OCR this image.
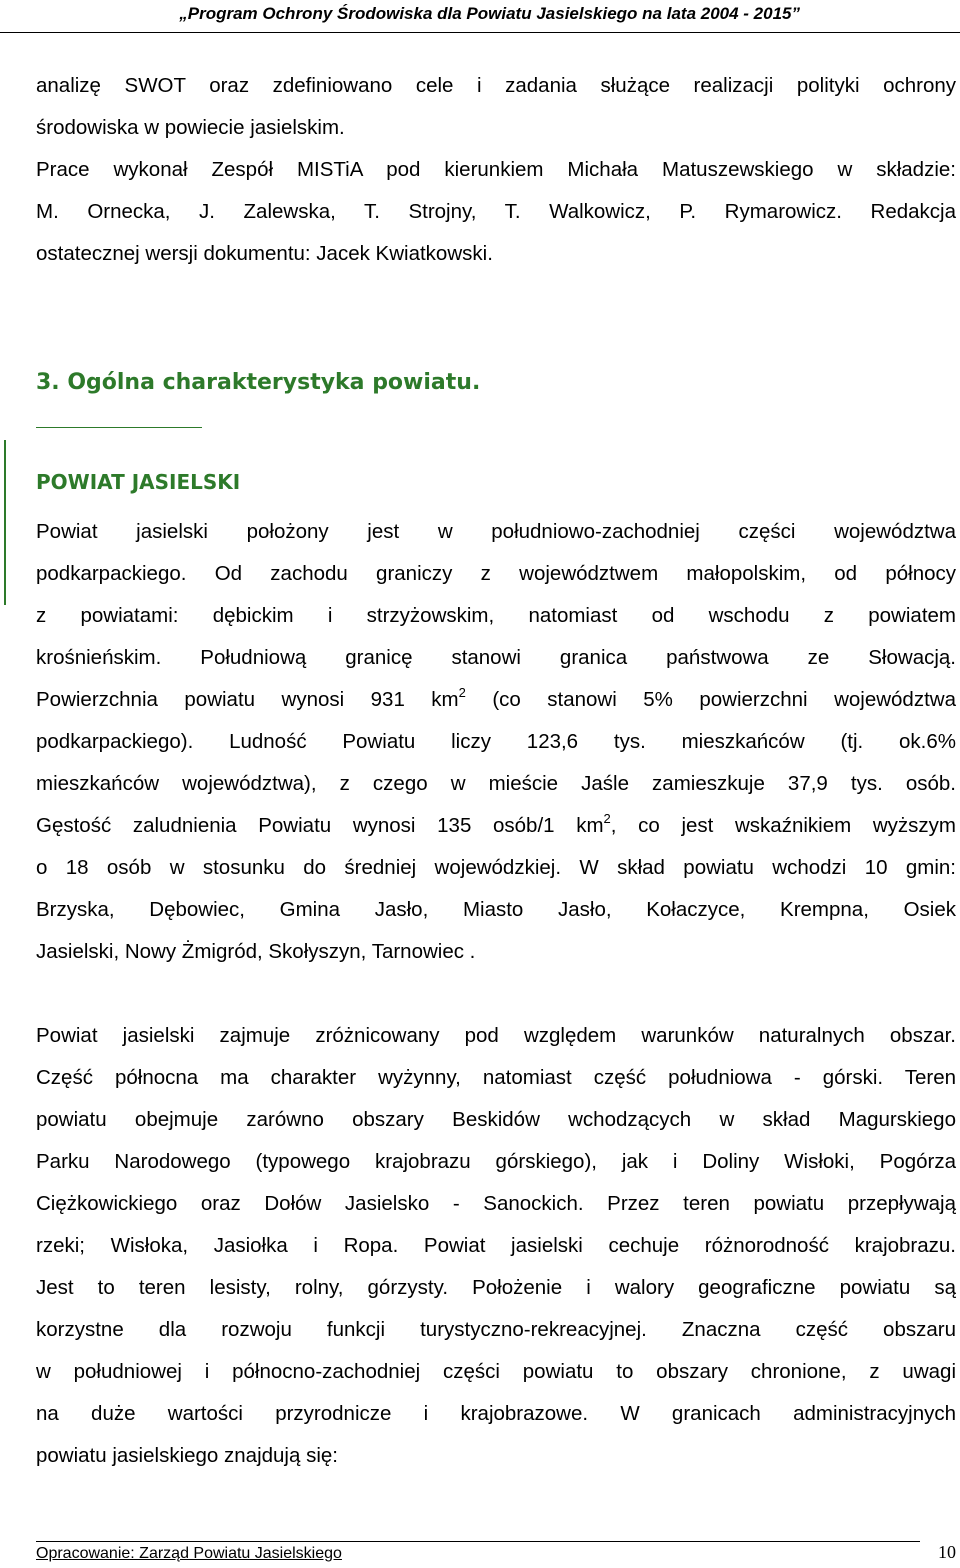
„Program Ochrony Środowiska dla Powiatu Jasielskiego na lata 2004 - 2015”
analizę SWOT oraz zdefiniowano cele i zadania służące realizacji polityki ochrony
środowiska w powiecie jasielskim.
Prace wykonał Zespół MISTiA pod kierunkiem Michała Matuszewskiego w składzie:
M. Ornecka, J. Zalewska, T. Strojny, T. Walkowicz, P. Rymarowicz. Redakcja
ostatecznej wersji dokumentu: Jacek Kwiatkowski.
3. Ogólna charakterystyka powiatu.
POWIAT JASIELSKI
Powiat jasielski położony jest w południowo-zachodniej części województwa
podkarpackiego. Od zachodu graniczy z województwem małopolskim, od północy
z powiatami: dębickim i strzyżowskim, natomiast od wschodu z powiatem
krośnieńskim. Południową granicę stanowi granica państwowa ze Słowacją.
Powierzchnia powiatu wynosi 931 $km^2$ (co stanowi 5% powierzchni województwa
podkarpackiego). Ludność Powiatu liczy 123,6 tys. mieszkańców (tj. ok.6%
mieszkańców województwa), z czego w mieście Jaśle zamieszkuje 37,9 tys. osób.
Gęstość zaludnienia Powiatu wynosi 135 osób/1 $km^2$, co jest wskaźnikiem wyższym
o 18 osób w stosunku do średniej wojewódzkiej. W skład powiatu wchodzi 10 gmin:
Brzyska, Dębowiec, Gmina Jasło, Miasto Jasło, Kołaczyce, Krempna, Osiek
Jasielski, Nowy Żmigród, Skołyszyn, Tarnowiec .
Powiat jasielski zajmuje zróżnicowany pod względem warunków naturalnych obszar.
Część północna ma charakter wyżynny, natomiast część południowa - górski. Teren
powiatu obejmuje zarówno obszary Beskidów wchodzących w skład Magurskiego
Parku Narodowego (typowego krajobrazu górskiego), jak i Doliny Wisłoki, Pogórza
Ciężkowickiego oraz Dołów Jasielsko - Sanockich. Przez teren powiatu przepływają
rzeki; Wisłoka, Jasiołka i Ropa. Powiat jasielski cechuje różnorodność krajobrazu.
Jest to teren lesisty, rolny, górzysty. Położenie i walory geograficzne powiatu są
korzystne dla rozwoju funkcji turystyczno-rekreacyjnej. Znaczna część obszaru
w południowej i północno-zachodniej części powiatu to obszary chronione, z uwagi
na duże wartości przyrodnicze i krajobrazowe. W granicach administracyjnych
powiatu jasielskiego znajdują się:
Opracowanie: Zarząd Powiatu Jasielskiego	10
